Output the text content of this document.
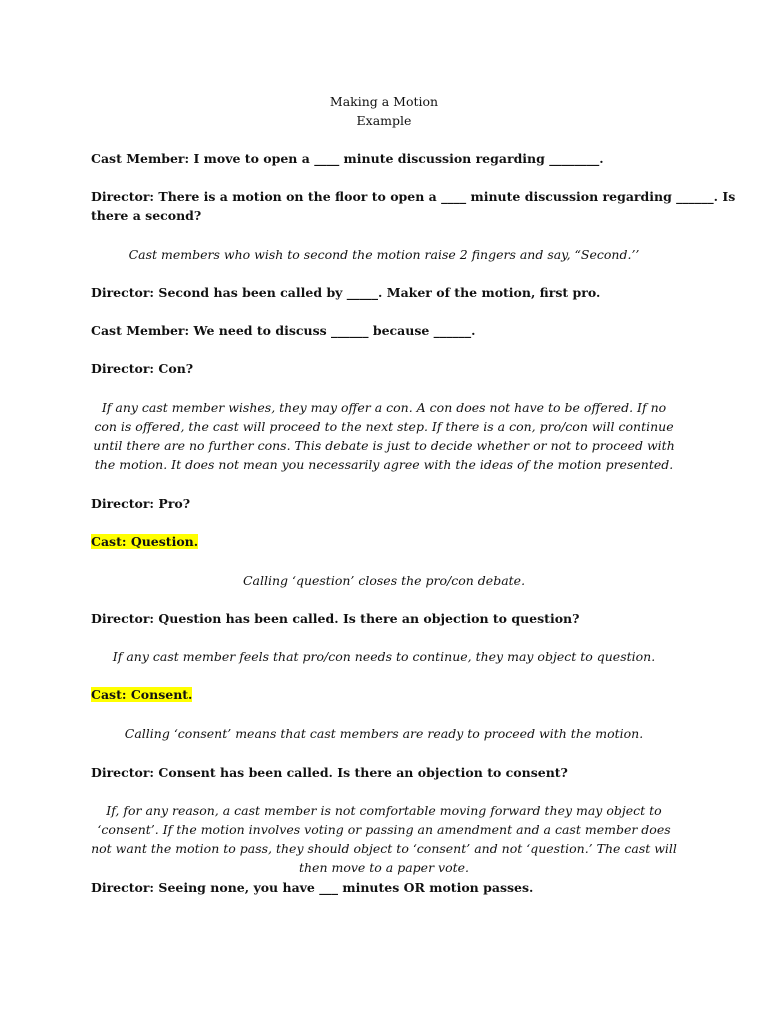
Making a Motion

Example

Cast Member: I move to open a ____ minute discussion regarding ________.

Director: There is a motion on the floor to open a ____ minute discussion regarding ______. Is

there a second?

Cast members who wish to second the motion raise 2 fingers and say, “Second.’’

Director: Second has been called by _____. Maker of the motion, first pro.

Cast Member: We need to discuss ______ because ______.

Director: Con?

If any cast member wishes, they may offer a con. A con does not have to be offered. If no con is offered, the cast will proceed to the next step. If there is a con, pro/con will continue until there are no further cons. This debate is just to decide whether or not to proceed with the motion. It does not mean you necessarily agree with the ideas of the motion presented.

Director: Pro?

Cast: Question.

Calling ‘question’ closes the pro/con debate.

Director: Question has been called. Is there an objection to question?

If any cast member feels that pro/con needs to continue, they may object to question.

Cast: Consent.

Calling ‘consent’ means that cast members are ready to proceed with the motion.

Director: Consent has been called. Is there an objection to consent?

If, for any reason, a cast member is not comfortable moving forward they may object to ‘consent’. If the motion involves voting or passing an amendment and a cast member does not want the motion to pass, they should object to ‘consent’ and not ‘question.’ The cast will then move to a paper vote.

Director: Seeing none, you have ___ minutes OR motion passes.
